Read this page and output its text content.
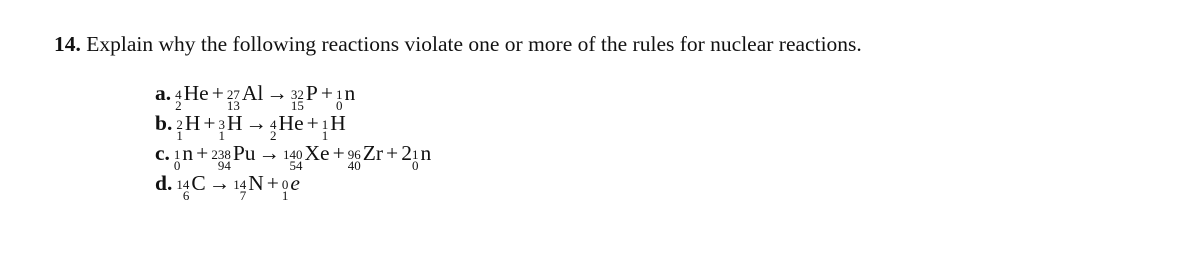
14. Explain why the following reactions violate one or more of the rules for nuclear reactions.
a. 4
2
He + 27
13
Al → 32
15
P + 1
0
n
b. 2
1
H + 3
1
H → 4
2
He + 1
1
H
c. 1
0
n + 238
94
Pu → 140
54
Xe + 96
40
Zr + 2 1
0
n
d. 14
6
C → 14
7
N + 0
1
e
